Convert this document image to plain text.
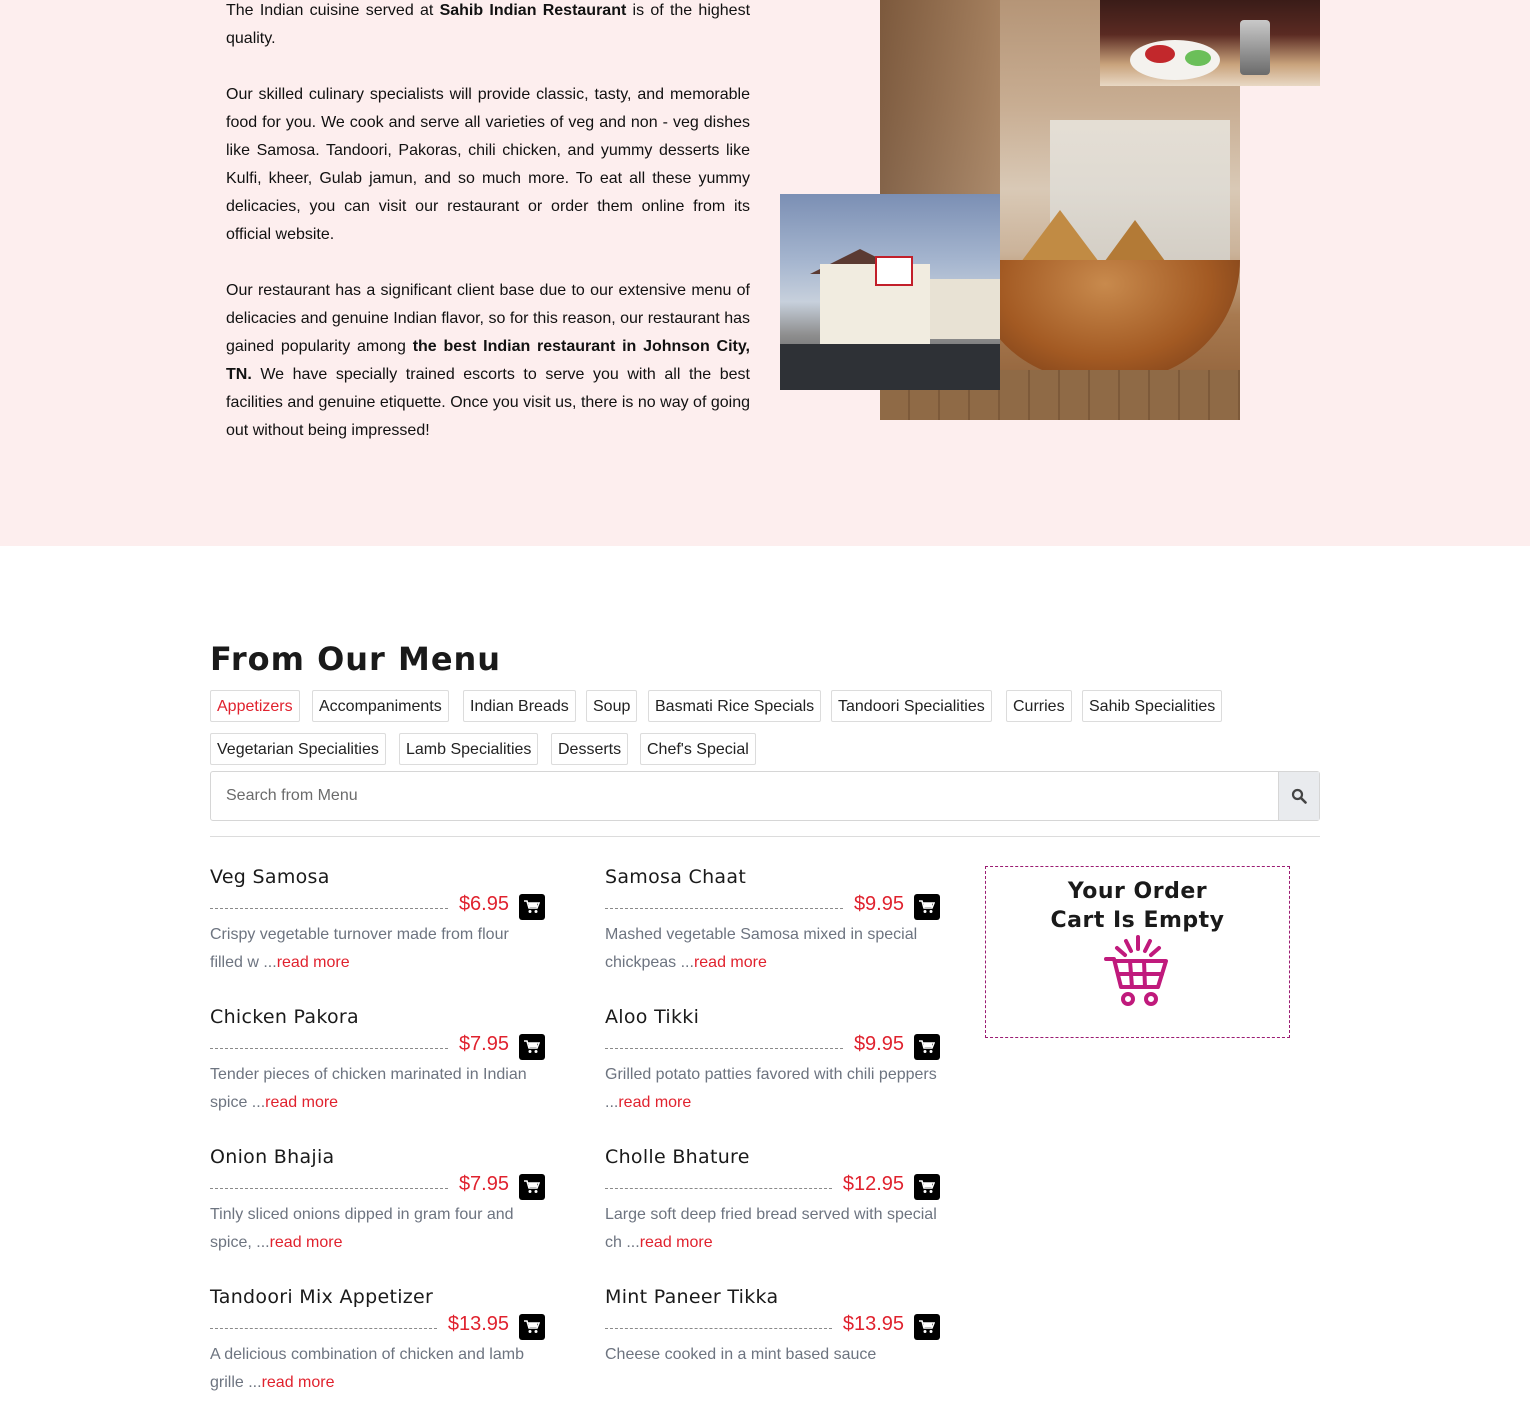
The Indian cuisine served at Sahib Indian Restaurant is of the highest quality.

Our skilled culinary specialists will provide classic, tasty, and memorable food for you. We cook and serve all varieties of veg and non - veg dishes like Samosa. Tandoori, Pakoras, chili chicken, and yummy desserts like Kulfi, kheer, Gulab jamun, and so much more. To eat all these yummy delicacies, you can visit our restaurant or order them online from its official website.

Our restaurant has a significant client base due to our extensive menu of delicacies and genuine Indian flavor, so for this reason, our restaurant has gained popularity among the best Indian restaurant in Johnson City, TN. We have specially trained escorts to serve you with all the best facilities and genuine etiquette. Once you visit us, there is no way of going out without being impressed!

From Our Menu
Appetizers	Accompaniments	Indian Breads	Soup	Basmati Rice Specials	Tandoori Specialities	Curries	Sahib Specialities
Vegetarian Specialities	Lamb Specialities	Desserts	Chef's Special
Search from Menu
Veg Samosa
$6.95
Crispy vegetable turnover made from flour filled w ...read more
Samosa Chaat
$9.95
Mashed vegetable Samosa mixed in special chickpeas ...read more
Chicken Pakora
$7.95
Tender pieces of chicken marinated in Indian spice ...read more
Aloo Tikki
$9.95
Grilled potato patties favored with chili peppers ...read more
Onion Bhajia
$7.95
Tinly sliced onions dipped in gram four and spice, ...read more
Cholle Bhature
$12.95
Large soft deep fried bread served with special ch ...read more
Tandoori Mix Appetizer
$13.95
A delicious combination of chicken and lamb grille ...read more
Mint Paneer Tikka
$13.95
Cheese cooked in a mint based sauce
Your Order
Cart Is Empty
